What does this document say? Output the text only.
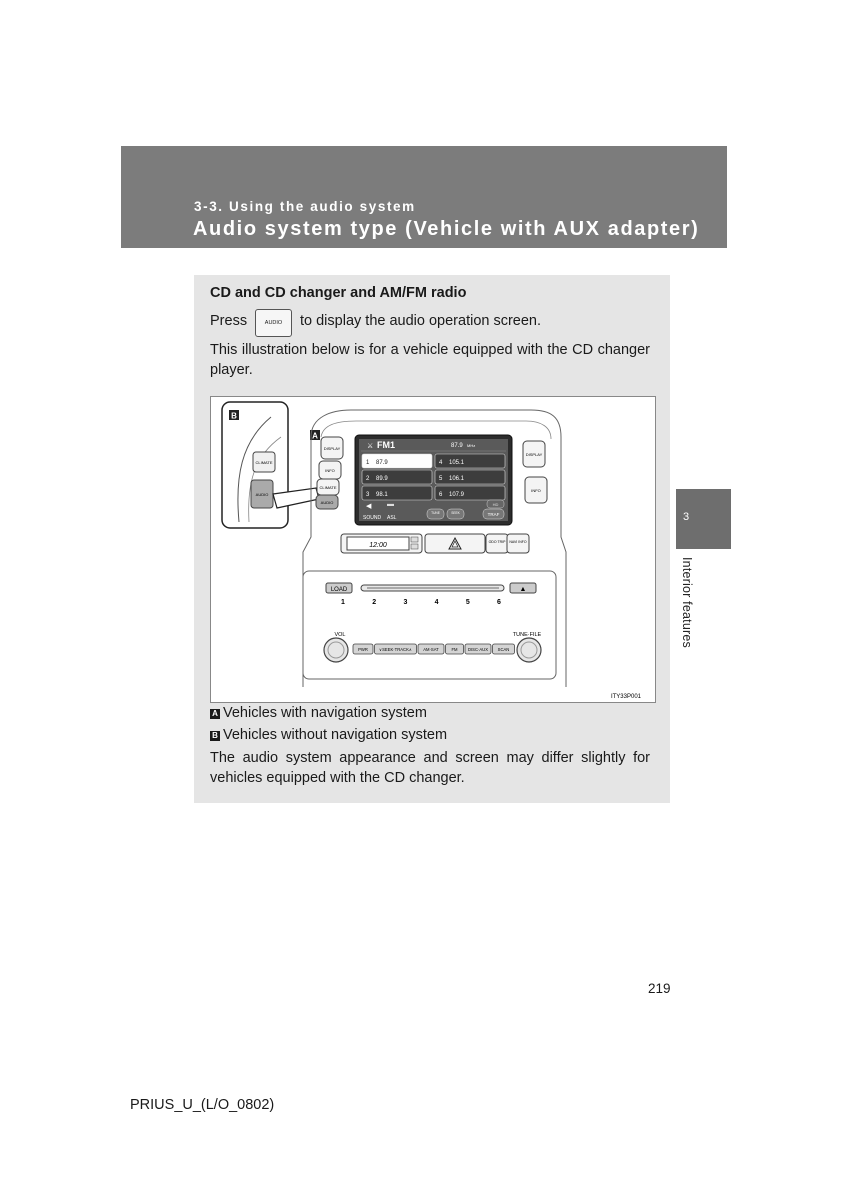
3-3. Using the audio system
Audio system type (Vehicle with AUX adapter)
3
Interior features
CD and CD changer and AM/FM radio
Press	AUDIO	to display the audio operation screen.
This illustration below is for a vehicle equipped with the CD changer player.
B
CLIMATE
AUDIO
A
DISPLAY
INFO
CLIMATE
AUDIO
DISPLAY
INFO
⚔ FM1	87.9 MHz
1 87.9
2 89.9
3 98.1
4 105.1
5 106.1
6 107.9
HD
◀ ▬
SOUND ASL
TUNE	SEEK	TRAF
12:00	ODO TRIP NAVI INFO
LOAD	▲
1	2	3	4	5	6
VOL	TUNE·FILE
PWR	∨SEEK·TRACK∧	AM·SAT	FM DISC·AUX SCAN
ITY33P001
A Vehicles with navigation system
B Vehicles without navigation system
The audio system appearance and screen may differ slightly for vehicles equipped with the CD changer.
219
PRIUS_U_(L/O_0802)
